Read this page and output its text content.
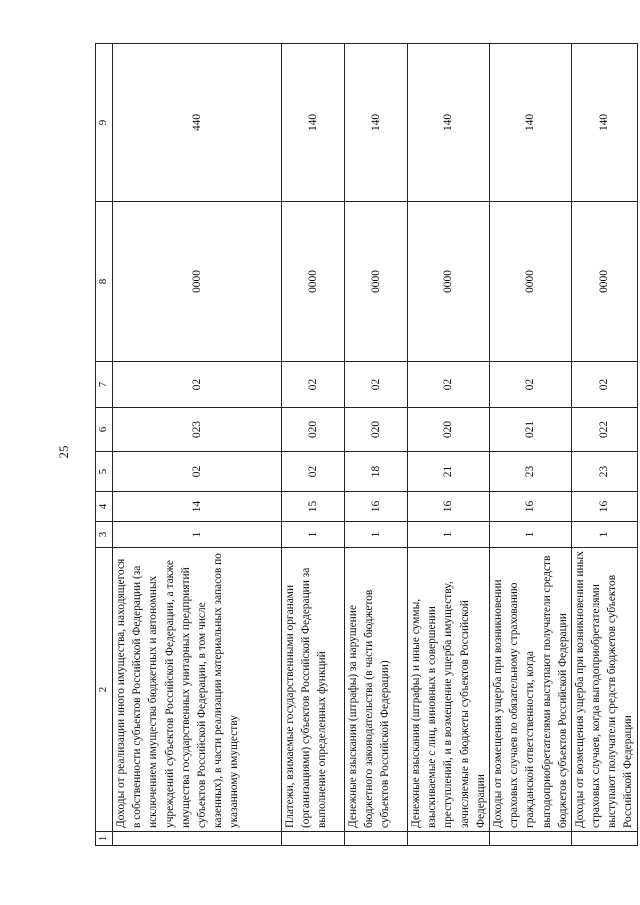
25
1	2	3	4	5	6	7	8	9
	Доходы от реализации иного имущества, находящегося в собственности субъектов Российской Федерации (за исключением имущества бюджетных и автономных учреждений субъектов Российской Федерации, а также имущества государственных унитарных предприятий субъектов Российской Федерации, в том числе казенных), в части реализации материальных запасов по указанному имуществу	1	14	02	023	02	0000	440
	Платежи, взимаемые государственными органами (организациями) субъектов Российской Федерации за выполнение определенных функций	1	15	02	020	02	0000	140
	Денежные взыскания (штрафы) за нарушение бюджетного законодательства (в части бюджетов субъектов Российской Федерации)	1	16	18	020	02	0000	140
	Денежные взыскания (штрафы) и иные суммы, взыскиваемые с лиц, виновных в совершении преступлений, и в возмещение ущерба имуществу, зачисляемые в бюджеты субъектов Российской Федерации	1	16	21	020	02	0000	140
	Доходы от возмещения ущерба при возникновении страховых случаев по обязательному страхованию гражданской ответственности, когда выгодоприобретателями выступают получатели средств бюджетов субъектов Российской Федерации	1	16	23	021	02	0000	140
	Доходы от возмещения ущерба при возникновении иных страховых случаев, когда выгодоприобретателями выступают получатели средств бюджетов субъектов Российской Федерации	1	16	23	022	02	0000	140
